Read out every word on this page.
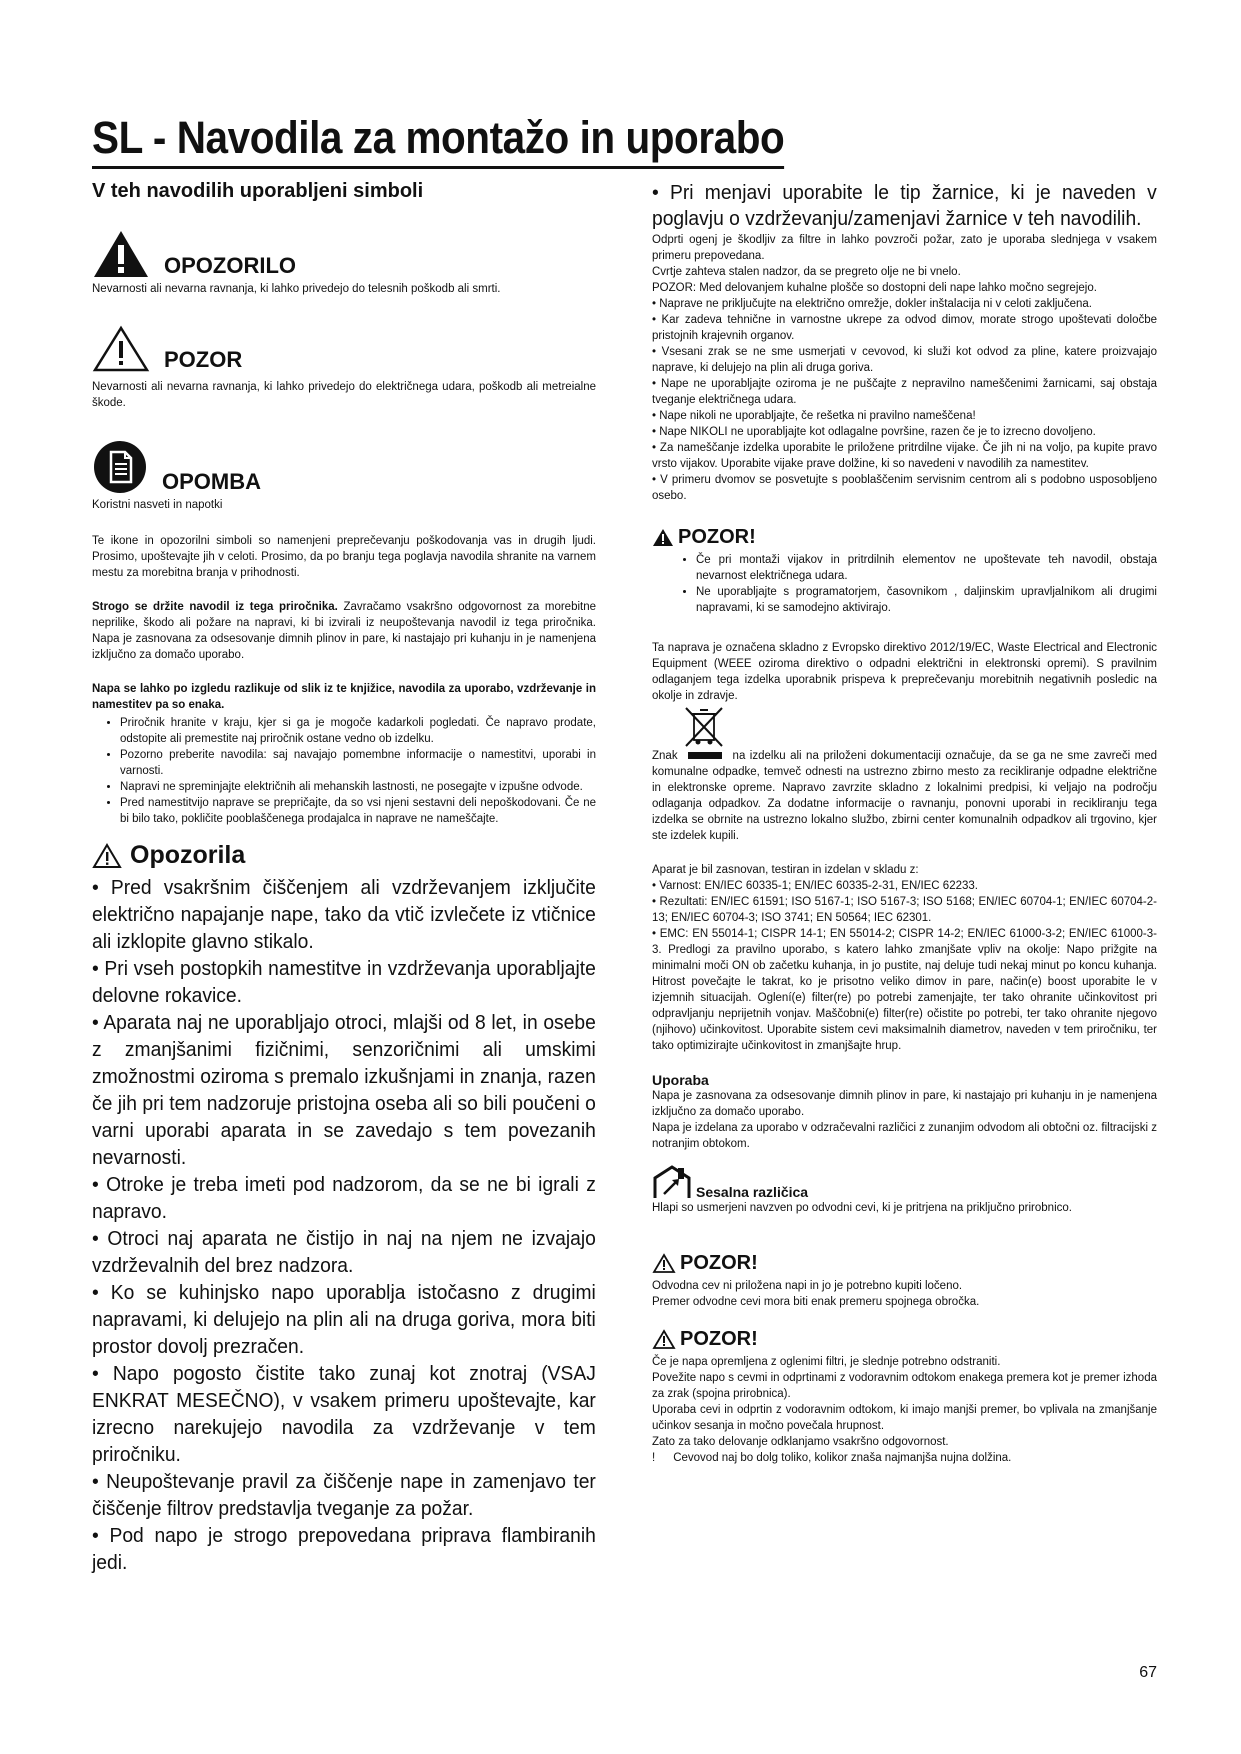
SL - Navodila za montažo in uporabo
V teh navodilih uporabljeni simboli
OPOZORILO

Nevarnosti ali nevarna ravnanja, ki lahko privedejo do telesnih poškodb ali smrti.

POZOR

Nevarnosti ali nevarna ravnanja, ki lahko privedejo do električnega udara, poškodb ali metreialne škode.

OPOMBA

Koristni nasveti in napotki

Te ikone in opozorilni simboli so namenjeni preprečevanju poškodovanja vas in drugih ljudi. Prosimo, upoštevajte jih v celoti. Prosimo, da po branju tega poglavja navodila shranite na varnem mestu za morebitna branja v prihodnosti.

Strogo se držite navodil iz tega priročnika. Zavračamo vsakršno odgovornost za morebitne neprilike, škodo ali požare na napravi, ki bi izvirali iz neupoštevanja navodil iz tega priročnika. Napa je zasnovana za odsesovanje dimnih plinov in pare, ki nastajajo pri kuhanju in je namenjena izključno za domačo uporabo.

Napa se lahko po izgledu razlikuje od slik iz te knjižice, navodila za uporabo, vzdrževanje in namestitev pa so enaka.

• Priročnik hranite v kraju, kjer si ga je mogoče kadarkoli pogledati. Če napravo prodate, odstopite ali premestite naj priročnik ostane vedno ob izdelku.
• Pozorno preberite navodila: saj navajajo pomembne informacije o namestitvi, uporabi in varnosti.
• Napravi ne spreminjajte električnih ali mehanskih lastnosti, ne posegajte v izpušne odvode.
• Pred namestitvijo naprave se prepričajte, da so vsi njeni sestavni deli nepoškodovani. Če ne bi bilo tako, pokličite pooblaščenega prodajalca in naprave ne nameščajte.
Opozorila

• Pred vsakršnim čiščenjem ali vzdrževanjem izključite električno napajanje nape, tako da vtič izvlečete iz vtičnice ali izklopite glavno stikalo.

• Pri vseh postopkih namestitve in vzdrževanja uporabljajte delovne rokavice.

• Aparata naj ne uporabljajo otroci, mlajši od 8 let, in osebe z zmanjšanimi fizičnimi, senzoričnimi ali umskimi zmožnostmi oziroma s premalo izkušnjami in znanja, razen če jih pri tem nadzoruje pristojna oseba ali so bili poučeni o varni uporabi aparata in se zavedajo s tem povezanih nevarnosti.

• Otroke je treba imeti pod nadzorom, da se ne bi igrali z napravo.

• Otroci naj aparata ne čistijo in naj na njem ne izvajajo vzdrževalnih del brez nadzora.

• Ko se kuhinjsko napo uporablja istočasno z drugimi napravami, ki delujejo na plin ali na druga goriva, mora biti prostor dovolj prezračen.

• Napo pogosto čistite tako zunaj kot znotraj (VSAJ ENKRAT MESEČNO), v vsakem primeru upoštevajte, kar izrecno narekujejo navodila za vzdrževanje v tem priročniku.

• Neupoštevanje pravil za čiščenje nape in zamenjavo ter čiščenje filtrov predstavlja tveganje za požar.

• Pod napo je strogo prepovedana priprava flambiranih jedi.

• Pri menjavi uporabite le tip žarnice, ki je naveden v poglavju o vzdrževanju/zamenjavi žarnice v teh navodilih.

Odprti ogenj je škodljiv za filtre in lahko povzroči požar, zato je uporaba slednjega v vsakem primeru prepovedana.

Cvrtje zahteva stalen nadzor, da se pregreto olje ne bi vnelo.

POZOR: Med delovanjem kuhalne plošče so dostopni deli nape lahko močno segrejejo.

• Naprave ne priključujte na električno omrežje, dokler inštalacija ni v celoti zaključena.

• Kar zadeva tehnične in varnostne ukrepe za odvod dimov, morate strogo upoštevati določbe pristojnih krajevnih organov.

• Vsesani zrak se ne sme usmerjati v cevovod, ki služi kot odvod za pline, katere proizvajajo naprave, ki delujejo na plin ali druga goriva.

• Nape ne uporabljajte oziroma je ne puščajte z nepravilno nameščenimi žarnicami, saj obstaja tveganje električnega udara.

• Nape nikoli ne uporabljajte, če rešetka ni pravilno nameščena!

• Nape NIKOLI ne uporabljajte kot odlagalne površine, razen če je to izrecno dovoljeno.

• Za nameščanje izdelka uporabite le priložene pritrdilne vijake. Če jih ni na voljo, pa kupite pravo vrsto vijakov. Uporabite vijake prave dolžine, ki so navedeni v navodilih za namestitev.

• V primeru dvomov se posvetujte s pooblaščenim servisnim centrom ali s podobno usposobljeno osebo.

POZOR!
• Če pri montaži vijakov in pritrdilnih elementov ne upoštevate teh navodil, obstaja nevarnost električnega udara.
• Ne uporabljajte s programatorjem, časovnikom , daljinskim upravljalnikom ali drugimi napravami, ki se samodejno aktivirajo.

Ta naprava je označena skladno z Evropsko direktivo 2012/19/EC, Waste Electrical and Electronic Equipment (WEEE oziroma direktivo o odpadni električni in elektronski opremi). S pravilnim odlaganjem tega izdelka uporabnik prispeva k preprečevanju morebitnih negativnih posledic na okolje in zdravje.

Znak	na izdelku ali na priloženi dokumentaciji označuje, da se ga ne sme zavreči med komunalne odpadke, temveč odnesti na ustrezno zbirno mesto za recikliranje odpadne električne in elektronske opreme. Napravo zavrzite skladno z lokalnimi predpisi, ki veljajo na področju odlaganja odpadkov. Za dodatne informacije o ravnanju, ponovni uporabi in recikliranju tega izdelka se obrnite na ustrezno lokalno službo, zbirni center komunalnih odpadkov ali trgovino, kjer ste izdelek kupili.

Aparat je bil zasnovan, testiran in izdelan v skladu z:

• Varnost: EN/IEC 60335-1; EN/IEC 60335-2-31, EN/IEC 62233.

• Rezultati: EN/IEC 61591; ISO 5167-1; ISO 5167-3; ISO 5168; EN/IEC 60704-1; EN/IEC 60704-2-13; EN/IEC 60704-3; ISO 3741; EN 50564; IEC 62301.

• EMC: EN 55014-1; CISPR 14-1; EN 55014-2; CISPR 14-2; EN/IEC 61000-3-2; EN/IEC 61000-3-3. Predlogi za pravilno uporabo, s katero lahko zmanjšate vpliv na okolje: Napo prižgite na minimalni moči ON ob začetku kuhanja, in jo pustite, naj deluje tudi nekaj minut po koncu kuhanja. Hitrost povečajte le takrat, ko je prisotno veliko dimov in pare, način(e) boost uporabite le v izjemnih situacijah. Oglení(e) filter(re) po potrebi zamenjajte, ter tako ohranite učinkovitost pri odpravljanju neprijetnih vonjav. Maščobni(e) filter(re) očistite po potrebi, ter tako ohranite njegovo (njihovo) učinkovitost. Uporabite sistem cevi maksimalnih diametrov, naveden v tem priročniku, ter tako optimizirajte učinkovitost in zmanjšajte hrup.

Uporaba

Napa je zasnovana za odsesovanje dimnih plinov in pare, ki nastajajo pri kuhanju in je namenjena izključno za domačo uporabo.

Napa je izdelana za uporabo v odzračevalni različici z zunanjim odvodom ali obtočni oz. filtracijski z notranjim obtokom.

Sesalna različica

Hlapi so usmerjeni navzven po odvodni cevi, ki je pritrjena na priključno prirobnico.

POZOR!

Odvodna cev ni priložena napi in jo je potrebno kupiti ločeno.

Premer odvodne cevi mora biti enak premeru spojnega obročka.

POZOR!

Če je napa opremljena z oglenimi filtri, je slednje potrebno odstraniti.

Povežite napo s cevmi in odprtinami z vodoravnim odtokom enakega premera kot je premer izhoda za zrak (spojna prirobnica).

Uporaba cevi in odprtin z vodoravnim odtokom, ki imajo manjši premer, bo vplivala na zmanjšanje učinkov sesanja in močno povečala hrupnost.

Zato za tako delovanje odklanjamo vsakršno odgovornost.

! Cevovod naj bo dolg toliko, kolikor znaša najmanjša nujna dolžina.

67
